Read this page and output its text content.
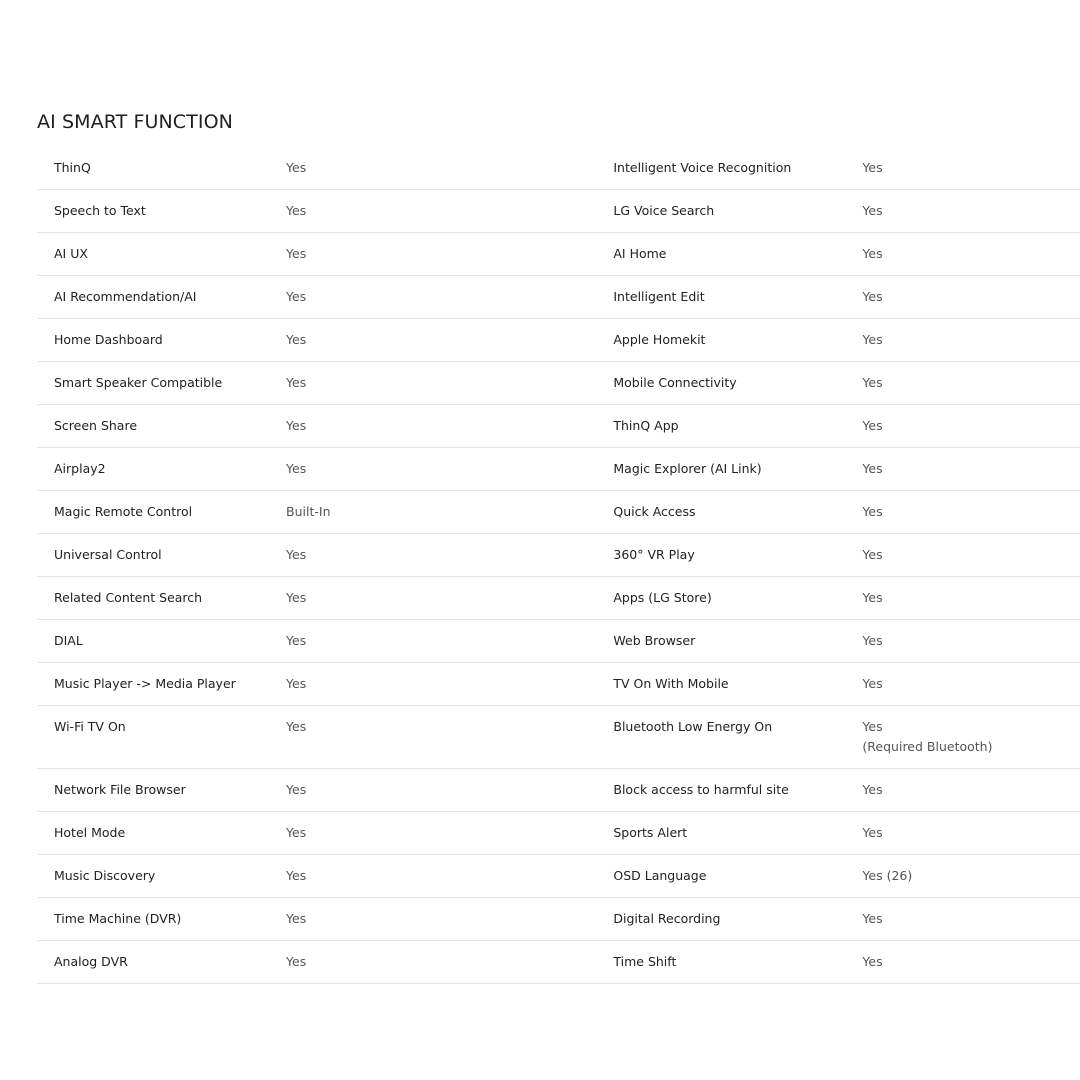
AI SMART FUNCTION
ThinQ	Yes	Intelligent Voice Recognition	Yes

Speech to Text	Yes	LG Voice Search	Yes

AI UX	Yes	AI Home	Yes

AI Recommendation/AI	Yes	Intelligent Edit	Yes

Home Dashboard	Yes	Apple Homekit	Yes

Smart Speaker Compatible	Yes	Mobile Connectivity	Yes

Screen Share	Yes	ThinQ App	Yes

Airplay2	Yes	Magic Explorer (AI Link)	Yes

Magic Remote Control	Built-In	Quick Access	Yes

Universal Control	Yes	360° VR Play	Yes

Related Content Search	Yes	Apps (LG Store)	Yes

DIAL	Yes	Web Browser	Yes

Music Player -> Media Player	Yes	TV On With Mobile	Yes

Wi-Fi TV On	Yes	Bluetooth Low Energy On	Yes
(Required Bluetooth)

Network File Browser	Yes	Block access to harmful site	Yes

Hotel Mode	Yes	Sports Alert	Yes

Music Discovery	Yes	OSD Language	Yes (26)

Time Machine (DVR)	Yes	Digital Recording	Yes

Analog DVR	Yes	Time Shift	Yes
